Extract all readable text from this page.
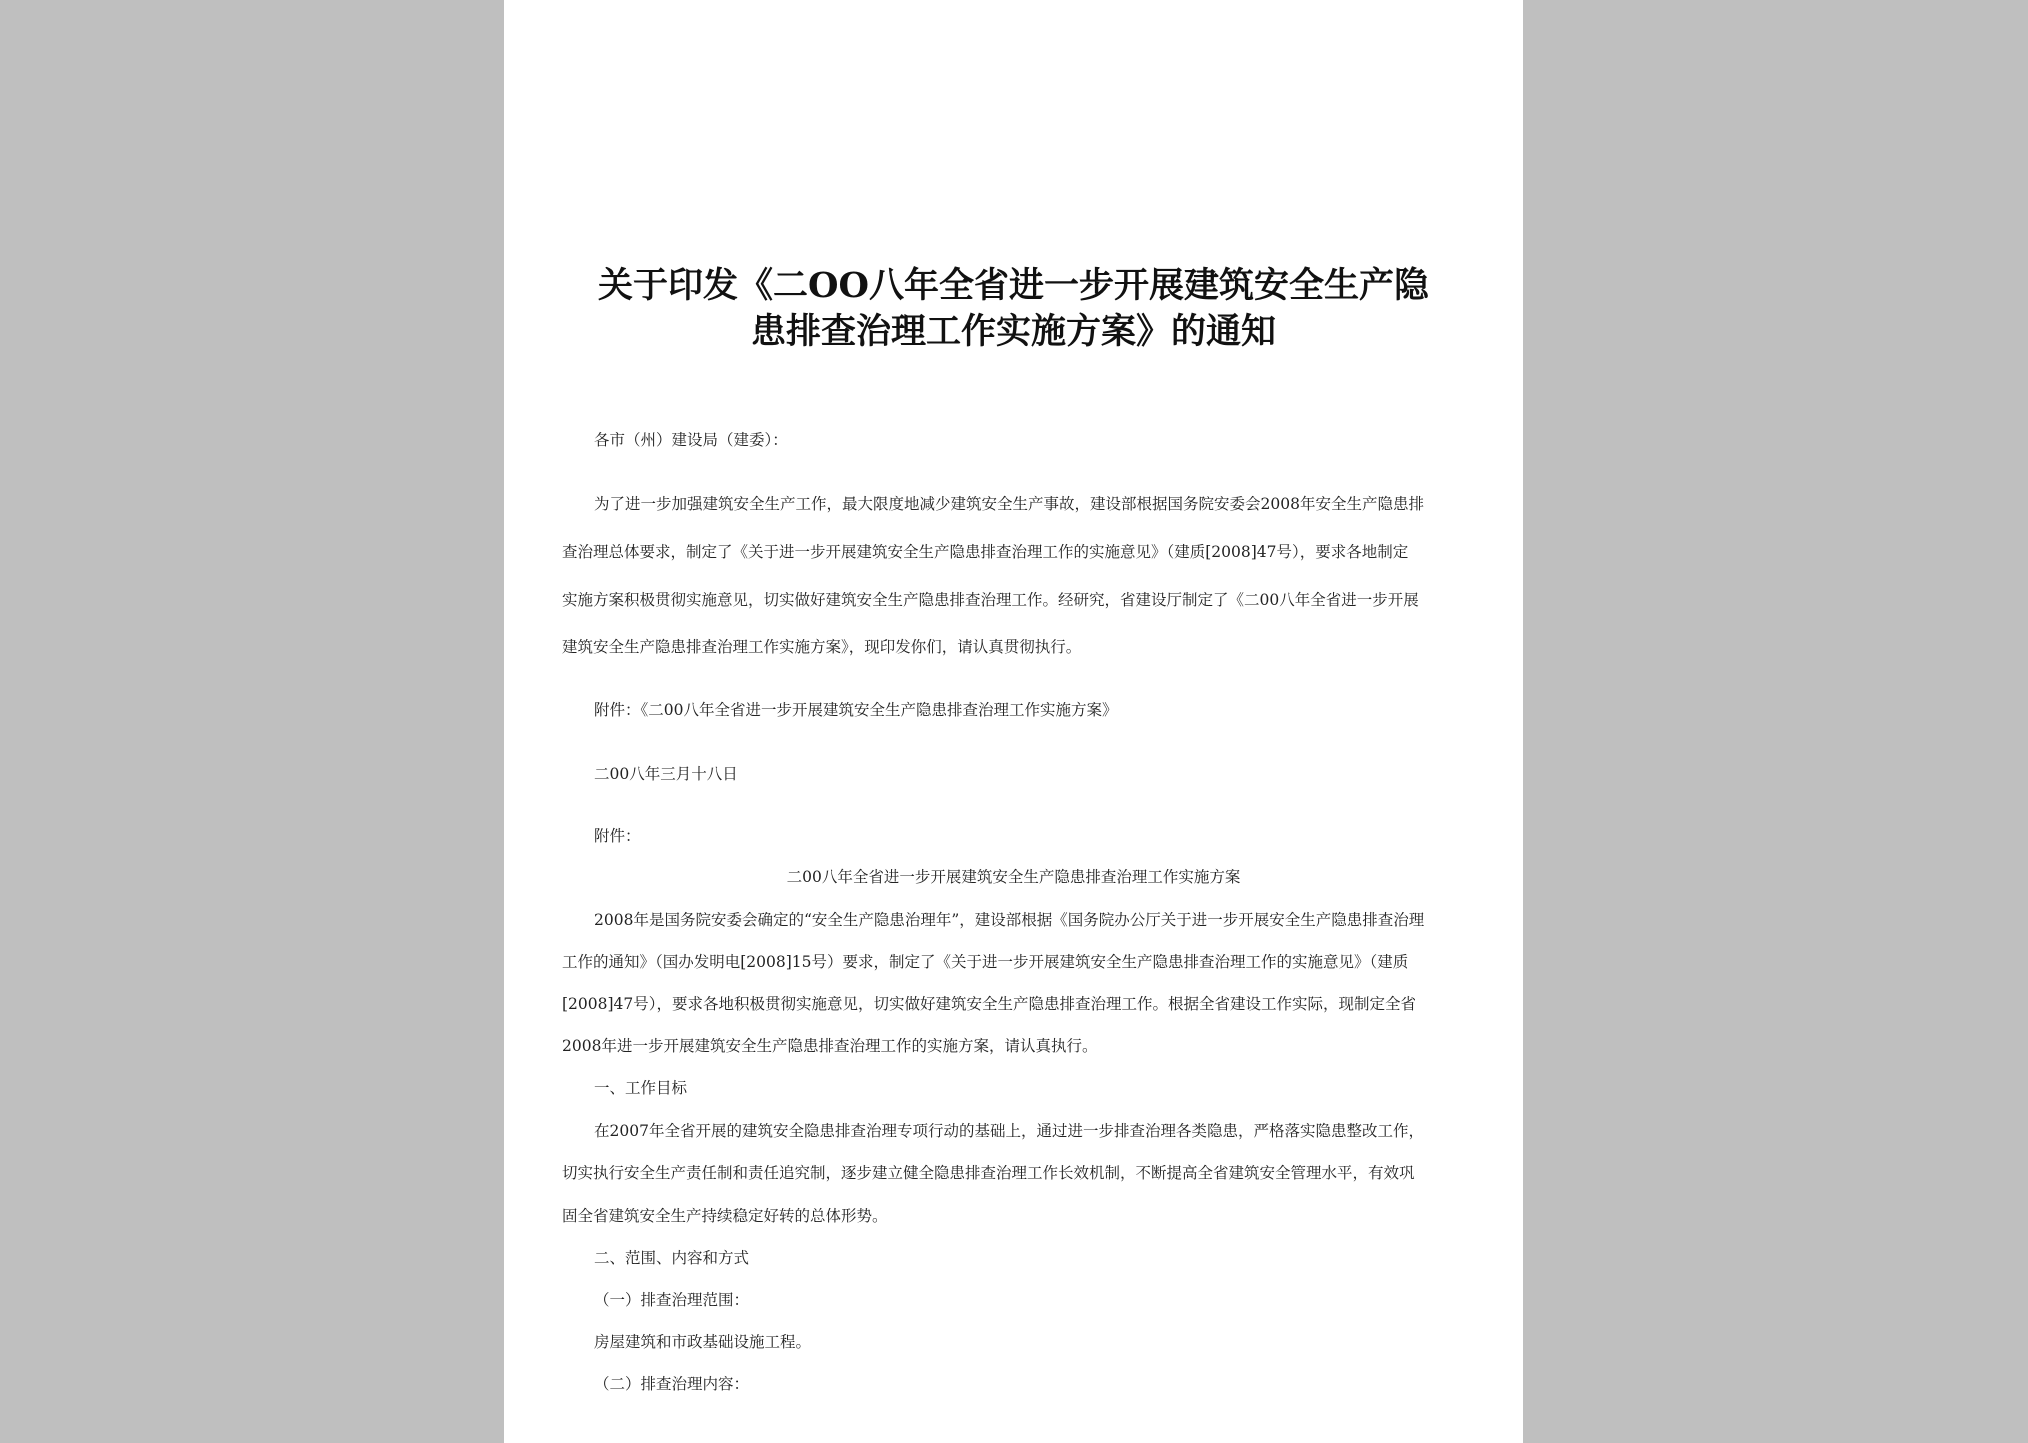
关于印发《二OO八年全省进一步开展建筑安全生产隐
患排查治理工作实施方案》的通知
各市（州）建设局（建委）：
为了进一步加强建筑安全生产工作，最大限度地减少建筑安全生产事故，建设部根据国务院安委会2008年安全生产隐患排
查治理总体要求，制定了《关于进一步开展建筑安全生产隐患排查治理工作的实施意见》（建质[2008]47号），要求各地制定
实施方案积极贯彻实施意见，切实做好建筑安全生产隐患排查治理工作。经研究，省建设厅制定了《二00八年全省进一步开展
建筑安全生产隐患排查治理工作实施方案》，现印发你们，请认真贯彻执行。
附件：《二00八年全省进一步开展建筑安全生产隐患排查治理工作实施方案》
二00八年三月十八日
附件：
二00八年全省进一步开展建筑安全生产隐患排查治理工作实施方案
2008年是国务院安委会确定的“安全生产隐患治理年”，建设部根据《国务院办公厅关于进一步开展安全生产隐患排查治理
工作的通知》（国办发明电[2008]15号）要求，制定了《关于进一步开展建筑安全生产隐患排查治理工作的实施意见》（建质
[2008]47号），要求各地积极贯彻实施意见，切实做好建筑安全生产隐患排查治理工作。根据全省建设工作实际，现制定全省
2008年进一步开展建筑安全生产隐患排查治理工作的实施方案，请认真执行。
一、工作目标
在2007年全省开展的建筑安全隐患排查治理专项行动的基础上，通过进一步排查治理各类隐患，严格落实隐患整改工作，
切实执行安全生产责任制和责任追究制，逐步建立健全隐患排查治理工作长效机制，不断提高全省建筑安全管理水平，有效巩
固全省建筑安全生产持续稳定好转的总体形势。
二、范围、内容和方式
（一）排查治理范围：
房屋建筑和市政基础设施工程。
（二）排查治理内容：
